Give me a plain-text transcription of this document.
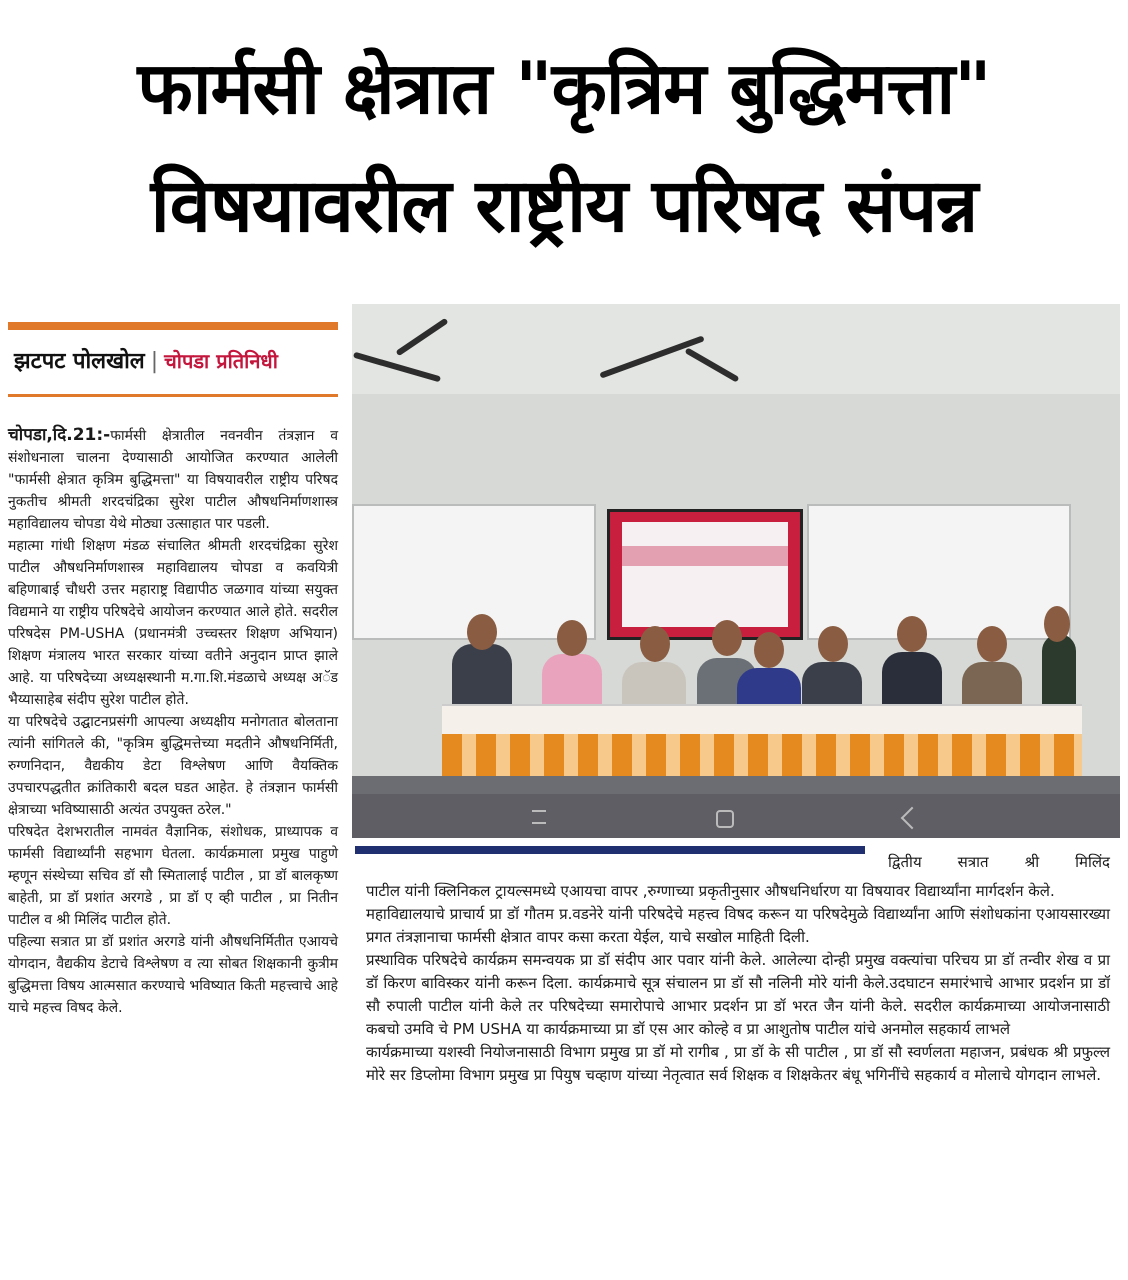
फार्मसी क्षेत्रात "कृत्रिम बुद्धिमत्ता"
विषयावरील राष्ट्रीय परिषद संपन्न
झटपट पोलखोल | चोपडा प्रतिनिधी

चोपडा,दि.21:-फार्मसी क्षेत्रातील नवनवीन तंत्रज्ञान व संशोधनाला चालना देण्यासाठी आयोजित करण्यात आलेली "फार्मसी क्षेत्रात कृत्रिम बुद्धिमत्ता" या विषयावरील राष्ट्रीय परिषद नुकतीच श्रीमती शरदचंद्रिका सुरेश पाटील औषधनिर्माणशास्त्र महाविद्यालय चोपडा येथे मोठ्या उत्साहात पार पडली.

महात्मा गांधी शिक्षण मंडळ संचालित श्रीमती शरदचंद्रिका सुरेश पाटील औषधनिर्माणशास्त्र महाविद्यालय चोपडा व कवयित्री बहिणाबाई चौधरी उत्तर महाराष्ट्र विद्यापीठ जळगाव यांच्या सयुक्त विद्यमाने या राष्ट्रीय परिषदेचे आयोजन करण्यात आले होते. सदरील परिषदेस PM-USHA (प्रधानमंत्री उच्चस्तर शिक्षण अभियान) शिक्षण मंत्रालय भारत सरकार यांच्या वतीने अनुदान प्राप्त झाले आहे. या परिषदेच्या अध्यक्षस्थानी म.गा.शि.मंडळाचे अध्यक्ष अॅड भैय्यासाहेब संदीप सुरेश पाटील होते.

या परिषदेचे उद्घाटनप्रसंगी आपल्या अध्यक्षीय मनोगतात बोलताना त्यांनी सांगितले की, "कृत्रिम बुद्धिमत्तेच्या मदतीने औषधनिर्मिती, रुग्णनिदान, वैद्यकीय डेटा विश्लेषण आणि वैयक्तिक उपचारपद्धतीत क्रांतिकारी बदल घडत आहेत. हे तंत्रज्ञान फार्मसी क्षेत्राच्या भविष्यासाठी अत्यंत उपयुक्त ठरेल."

परिषदेत देशभरातील नामवंत वैज्ञानिक, संशोधक, प्राध्यापक व फार्मसी विद्यार्थ्यांनी सहभाग घेतला. कार्यक्रमाला प्रमुख पाहुणे म्हणून संस्थेच्या सचिव डॉ सौ स्मितालाई पाटील , प्रा डॉ बालकृष्ण बाहेती, प्रा डॉ प्रशांत अरगडे , प्रा डॉ ए व्ही पाटील , प्रा नितीन पाटील व श्री मिलिंद पाटील होते.

पहिल्या सत्रात प्रा डॉ प्रशांत अरगडे यांनी औषधनिर्मितीत एआयचे योगदान, वैद्यकीय डेटाचे विश्लेषण व त्या सोबत शिक्षकानी कुत्रीम बुद्धिमत्ता विषय आत्मसात करण्याचे भविष्यात किती महत्त्वाचे आहे याचे महत्त्व विषद केले.

द्वितीय सत्रात श्री मिलिंद

पाटील यांनी क्लिनिकल ट्रायल्समध्ये एआयचा वापर ,रुग्णाच्या प्रकृतीनुसार औषधनिर्धारण या विषयावर विद्यार्थ्यांना मार्गदर्शन केले.

महाविद्यालयाचे प्राचार्य प्रा डॉ गौतम प्र.वडनेरे यांनी परिषदेचे महत्त्व विषद करून या परिषदेमुळे विद्यार्थ्यांना आणि संशोधकांना एआयसारख्या प्रगत तंत्रज्ञानाचा फार्मसी क्षेत्रात वापर कसा करता येईल, याचे सखोल माहिती दिली.

प्रस्थाविक परिषदेचे कार्यक्रम समन्वयक प्रा डॉ संदीप आर पवार यांनी केले. आलेल्या दोन्ही प्रमुख वक्त्यांचा परिचय प्रा डॉ तन्वीर शेख व प्रा डॉ किरण बाविस्कर यांनी करून दिला. कार्यक्रमाचे सूत्र संचालन प्रा डॉ सौ नलिनी मोरे यांनी केले.उदघाटन समारंभाचे आभार प्रदर्शन प्रा डॉ सौ रुपाली पाटील यांनी केले तर परिषदेच्या समारोपाचे आभार प्रदर्शन प्रा डॉ भरत जैन यांनी केले. सदरील कार्यक्रमाच्या आयोजनासाठी कबचो उमवि चे PM USHA या कार्यक्रमाच्या प्रा डॉ एस आर कोल्हे व प्रा आशुतोष पाटील यांचे अनमोल सहकार्य लाभले

कार्यक्रमाच्या यशस्वी नियोजनासाठी विभाग प्रमुख प्रा डॉ मो रागीब , प्रा डॉ के सी पाटील , प्रा डॉ सौ स्वर्णलता महाजन, प्रबंधक श्री प्रफुल्ल मोरे सर डिप्लोमा विभाग प्रमुख प्रा पियुष चव्हाण यांच्या नेतृत्वात सर्व शिक्षक व शिक्षकेतर बंधू भगिनींचे सहकार्य व मोलाचे योगदान लाभले.
